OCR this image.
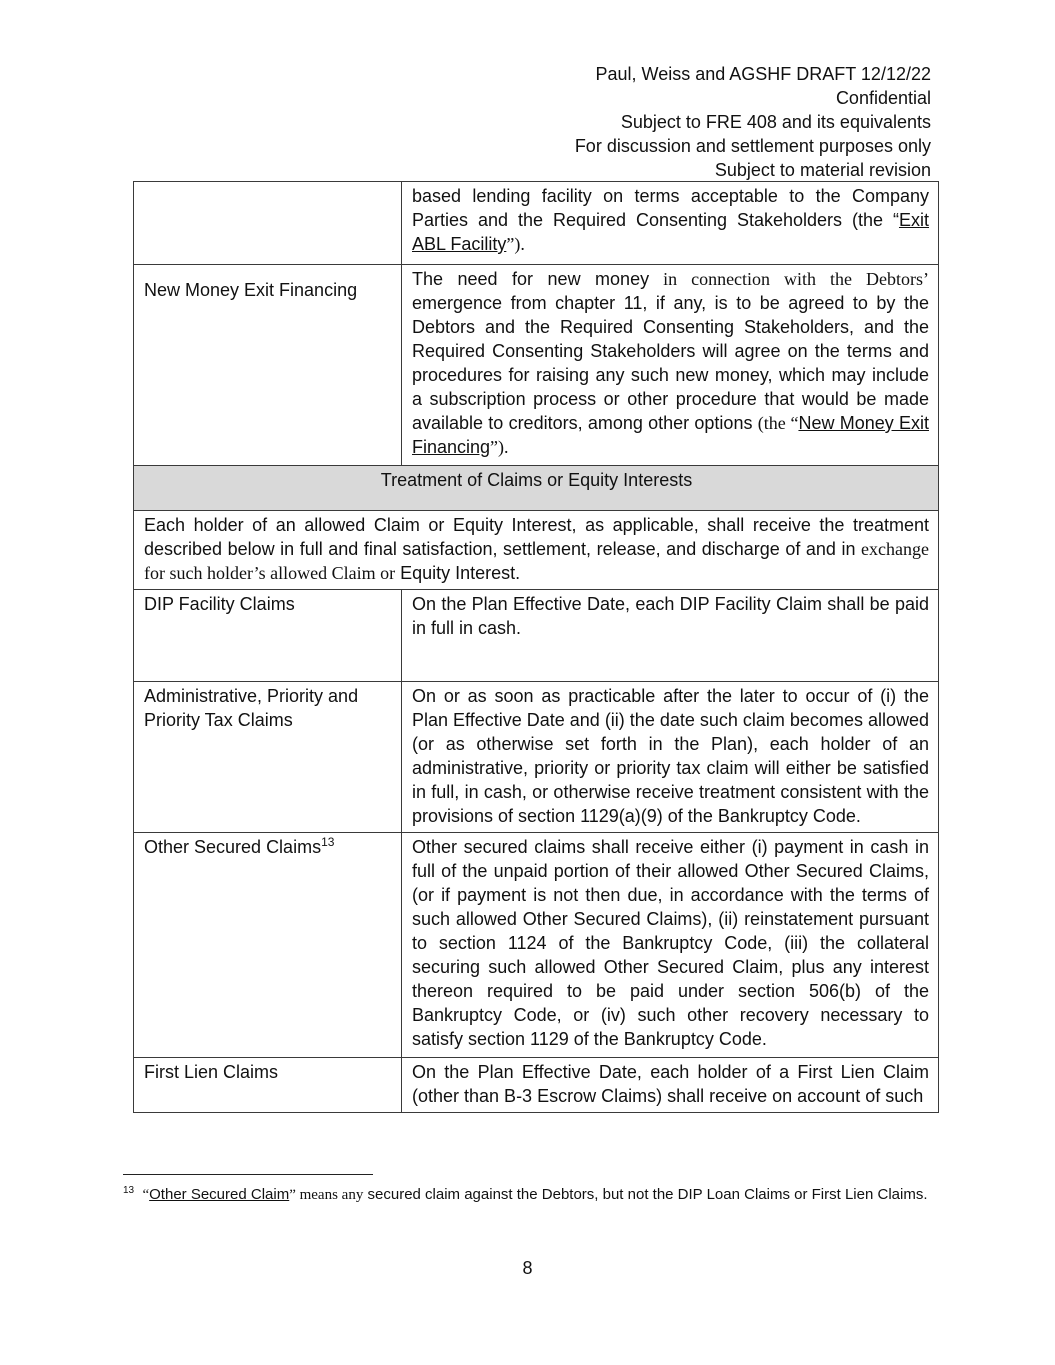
Paul, Weiss and AGSHF DRAFT 12/12/22
Confidential
Subject to FRE 408 and its equivalents
For discussion and settlement purposes only
Subject to material revision
	based lending facility on terms acceptable to the Company Parties and the Required Consenting Stakeholders (the “Exit ABL Facility”).
New Money Exit Financing	The need for new money in connection with the Debtors’ emergence from chapter 11, if any, is to be agreed to by the Debtors and the Required Consenting Stakeholders, and the Required Consenting Stakeholders will agree on the terms and procedures for raising any such new money, which may include a subscription process or other procedure that would be made available to creditors, among other options (the “New Money Exit Financing”).
Treatment of Claims or Equity Interests	
Each holder of an allowed Claim or Equity Interest, as applicable, shall receive the treatment described below in full and final satisfaction, settlement, release, and discharge of and in exchange for such holder’s allowed Claim or Equity Interest.	
DIP Facility Claims	On the Plan Effective Date, each DIP Facility Claim shall be paid in full in cash.
Administrative, Priority and Priority Tax Claims	On or as soon as practicable after the later to occur of (i) the Plan Effective Date and (ii) the date such claim becomes allowed (or as otherwise set forth in the Plan), each holder of an administrative, priority or priority tax claim will either be satisfied in full, in cash, or otherwise receive treatment consistent with the provisions of section 1129(a)(9) of the Bankruptcy Code.
Other Secured Claims$^{13}$	Other secured claims shall receive either (i) payment in cash in full of the unpaid portion of their allowed Other Secured Claims, (or if payment is not then due, in accordance with the terms of such allowed Other Secured Claims), (ii) reinstatement pursuant to section 1124 of the Bankruptcy Code, (iii) the collateral securing such allowed Other Secured Claim, plus any interest thereon required to be paid under section 506(b) of the Bankruptcy Code, or (iv) such other recovery necessary to satisfy section 1129 of the Bankruptcy Code.
First Lien Claims	On the Plan Effective Date, each holder of a First Lien Claim (other than B-3 Escrow Claims) shall receive on account of such
$^{13}$ “Other Secured Claim” means any secured claim against the Debtors, but not the DIP Loan Claims or First Lien Claims.
8
